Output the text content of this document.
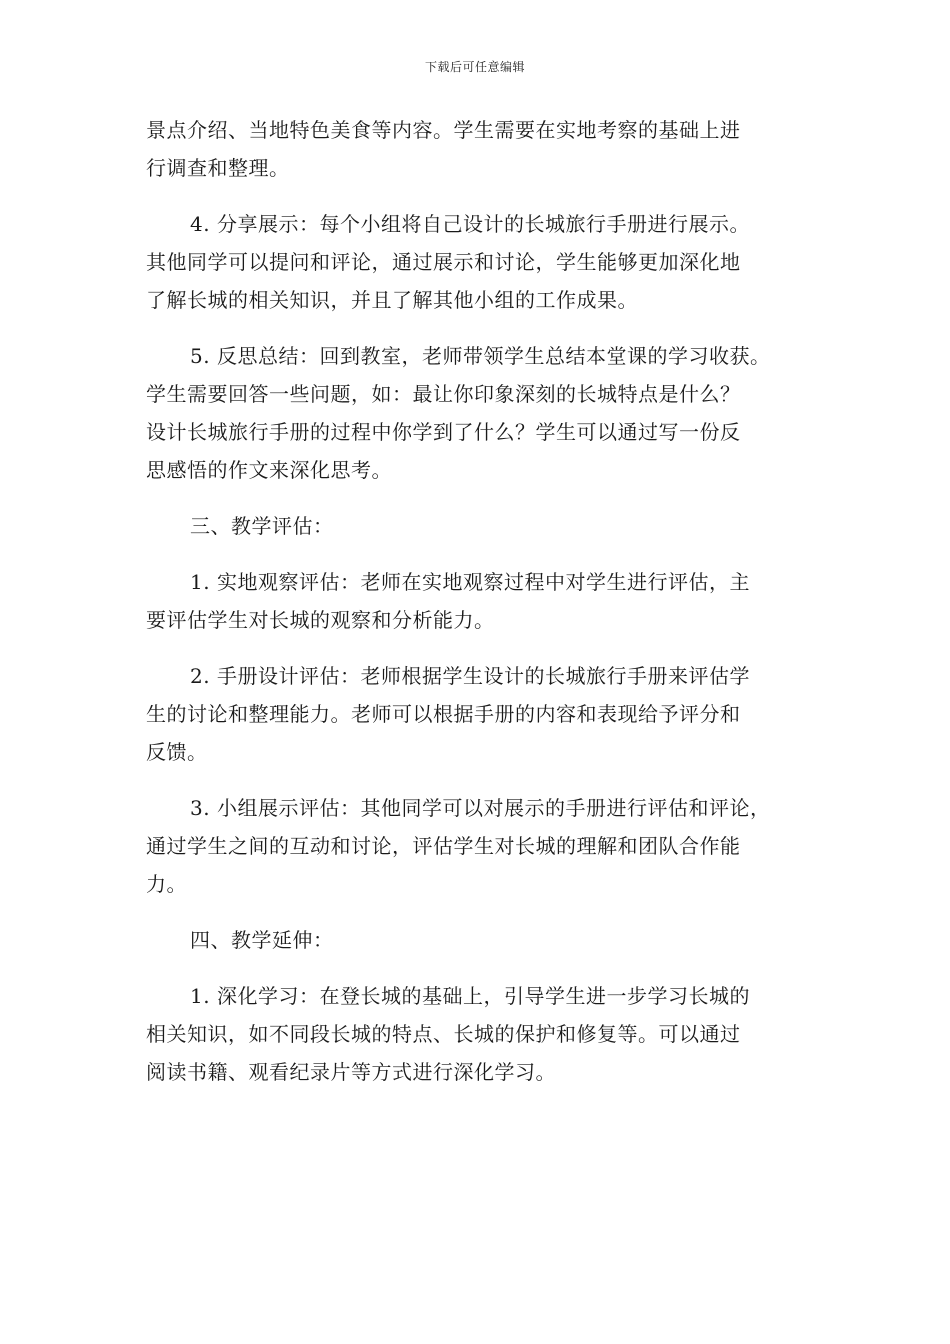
下载后可任意编辑
景点介绍、当地特色美食等内容。学生需要在实地考察的基础上进
行调查和整理。
4. 分享展示：每个小组将自己设计的长城旅行手册进行展示。
其他同学可以提问和评论，通过展示和讨论，学生能够更加深化地
了解长城的相关知识，并且了解其他小组的工作成果。
5. 反思总结：回到教室，老师带领学生总结本堂课的学习收获。
学生需要回答一些问题，如：最让你印象深刻的长城特点是什么？
设计长城旅行手册的过程中你学到了什么？学生可以通过写一份反
思感悟的作文来深化思考。
三、教学评估：
1. 实地观察评估：老师在实地观察过程中对学生进行评估，主
要评估学生对长城的观察和分析能力。
2. 手册设计评估：老师根据学生设计的长城旅行手册来评估学
生的讨论和整理能力。老师可以根据手册的内容和表现给予评分和
反馈。
3. 小组展示评估：其他同学可以对展示的手册进行评估和评论，
通过学生之间的互动和讨论，评估学生对长城的理解和团队合作能
力。
四、教学延伸：
1. 深化学习：在登长城的基础上，引导学生进一步学习长城的
相关知识，如不同段长城的特点、长城的保护和修复等。可以通过
阅读书籍、观看纪录片等方式进行深化学习。
